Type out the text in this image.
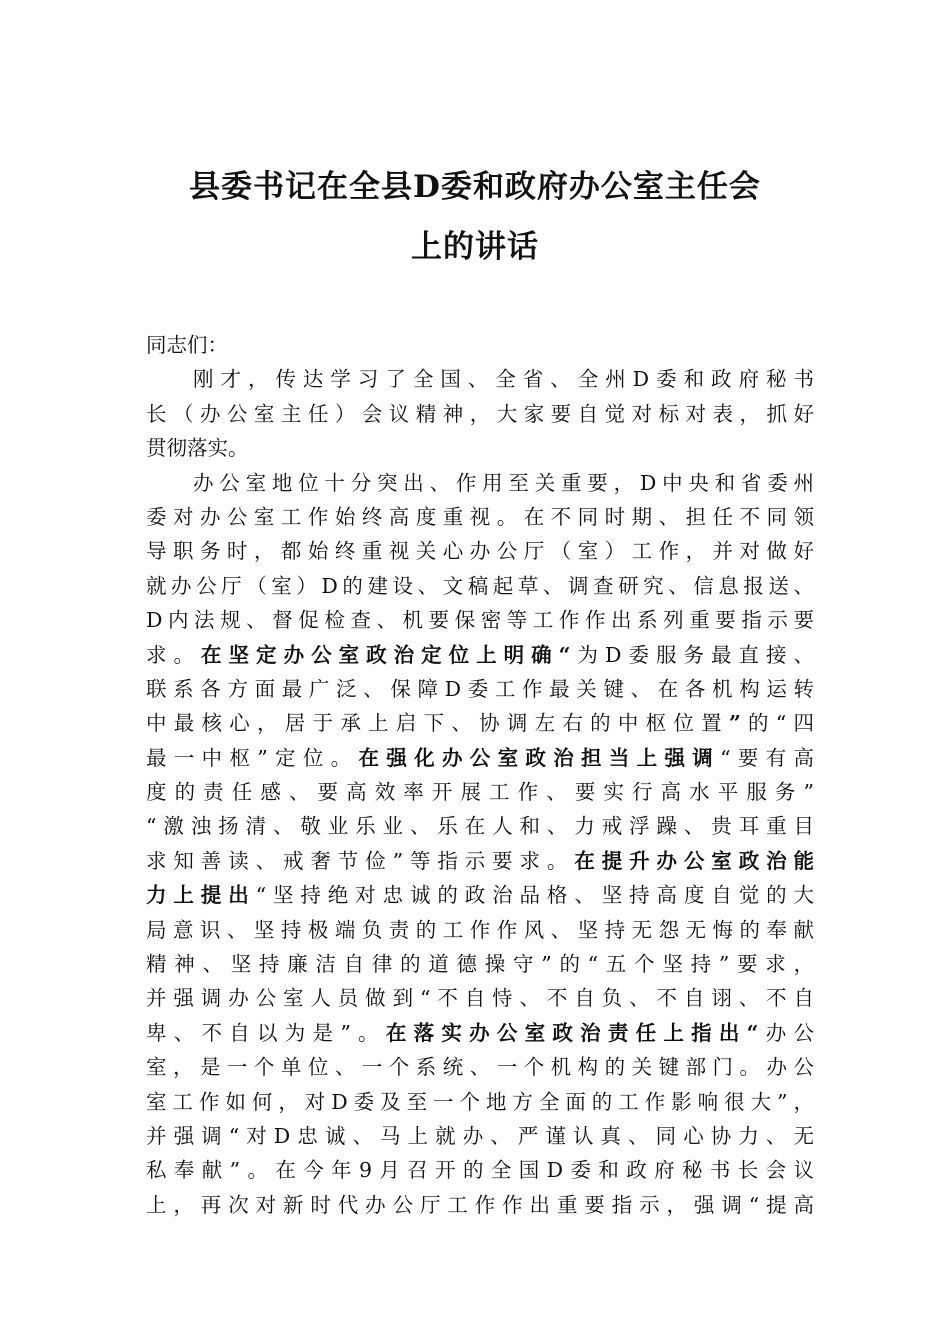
县委书记在全县D委和政府办公室主任会
上的讲话
同志们：
刚才，传达学习了全国、全省、全州D委和政府秘书
长（办公室主任）会议精神，大家要自觉对标对表，抓好
贯彻落实。
办公室地位十分突出、作用至关重要，D中央和省委州
委对办公室工作始终高度重视。在不同时期、担任不同领
导职务时，都始终重视关心办公厅（室）工作，并对做好
就办公厅（室）D的建设、文稿起草、调查研究、信息报送、
D内法规、督促检查、机要保密等工作作出系列重要指示要
求。在坚定办公室政治定位上明确“为D委服务最直接、
联系各方面最广泛、保障D委工作最关键、在各机构运转
中最核心，居于承上启下、协调左右的中枢位置”的“四
最一中枢”定位。在强化办公室政治担当上强调“要有高
度的责任感、要高效率开展工作、要实行高水平服务”
“激浊扬清、敬业乐业、乐在人和、力戒浮躁、贵耳重目
求知善读、戒奢节俭”等指示要求。在提升办公室政治能
力上提出“坚持绝对忠诚的政治品格、坚持高度自觉的大
局意识、坚持极端负责的工作作风、坚持无怨无悔的奉献
精神、坚持廉洁自律的道德操守”的“五个坚持”要求，
并强调办公室人员做到“不自恃、不自负、不自诩、不自
卑、不自以为是”。在落实办公室政治责任上指出“办公
室，是一个单位、一个系统、一个机构的关键部门。办公
室工作如何，对D委及至一个地方全面的工作影响很大”，
并强调“对D忠诚、马上就办、严谨认真、同心协力、无
私奉献”。在今年9月召开的全国D委和政府秘书长会议
上，再次对新时代办公厅工作作出重要指示，强调“提高
